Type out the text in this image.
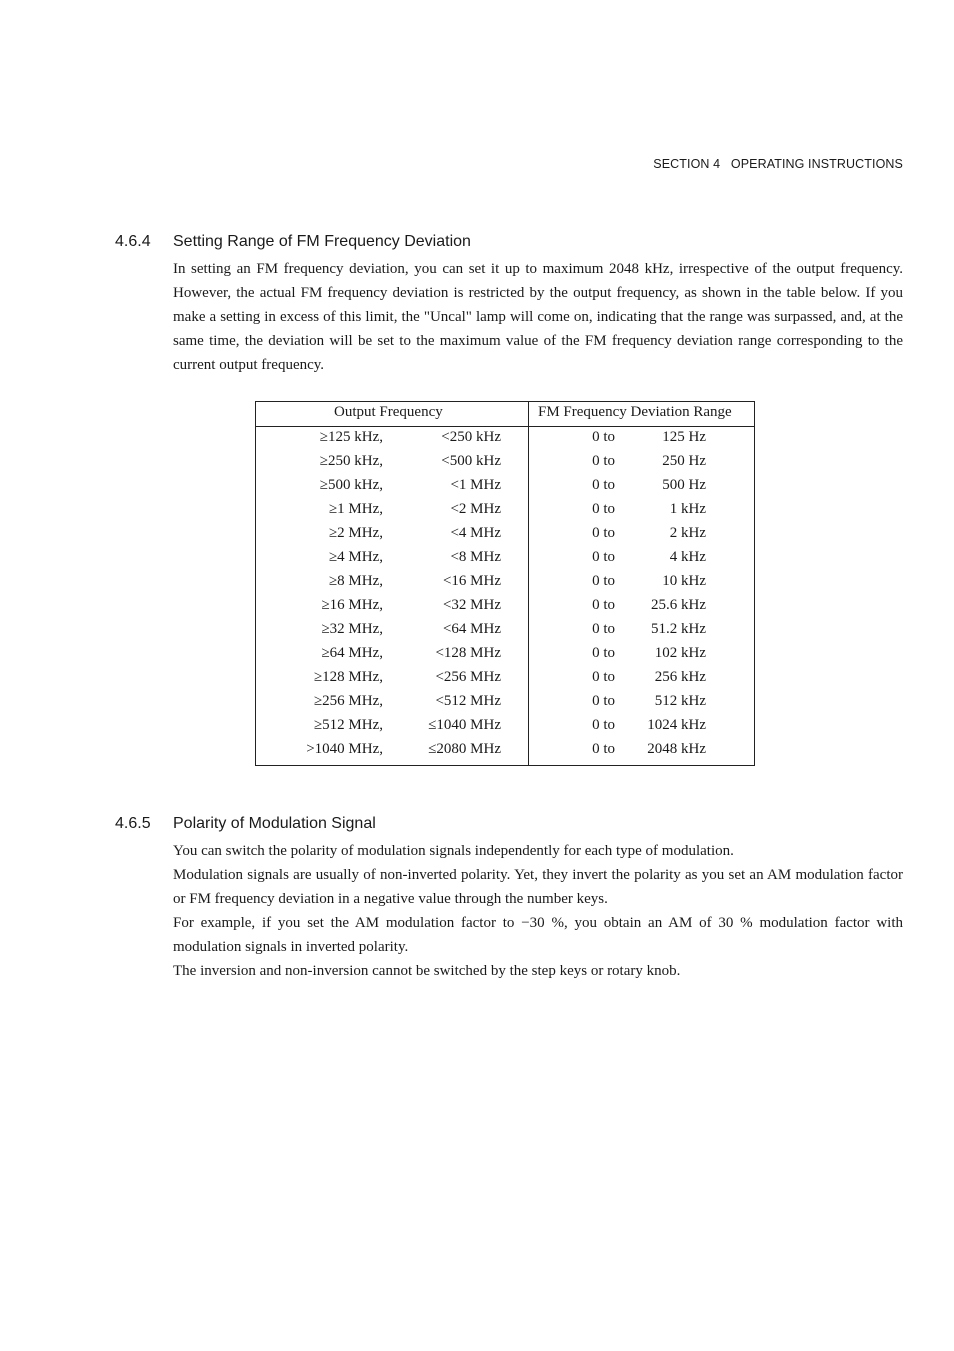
SECTION 4   OPERATING INSTRUCTIONS
4.6.4 Setting Range of FM Frequency Deviation

In setting an FM frequency deviation, you can set it up to maximum 2048 kHz, irrespective of the output frequency. However, the actual FM frequency deviation is restricted by the output frequency, as shown in the table below. If you make a setting in excess of this limit, the "Uncal" lamp will come on, indicating that the range was surpassed, and, at the same time, the deviation will be set to the maximum value of the FM frequency deviation range corresponding to the current output frequency.

Output Frequency	FM Frequency Deviation Range
≥125 kHz,	<250 kHz	0 to	125 Hz
≥250 kHz,	<500 kHz	0 to	250 Hz
≥500 kHz,	<1 MHz	0 to	500 Hz
≥1 MHz,	<2 MHz	0 to	1 kHz
≥2 MHz,	<4 MHz	0 to	2 kHz
≥4 MHz,	<8 MHz	0 to	4 kHz
≥8 MHz,	<16 MHz	0 to	10 kHz
≥16 MHz,	<32 MHz	0 to 25.6 kHz
≥32 MHz,	<64 MHz	0 to 51.2 kHz
≥64 MHz,	<128 MHz	0 to	102 kHz
≥128 MHz,	<256 MHz	0 to	256 kHz
≥256 MHz,	<512 MHz	0 to	512 kHz
≥512 MHz,	≤1040 MHz	0 to 1024 kHz
>1040 MHz,	≤2080 MHz	0 to 2048 kHz
4.6.5 Polarity of Modulation Signal

You can switch the polarity of modulation signals independently for each type of modulation.

Modulation signals are usually of non-inverted polarity. Yet, they invert the polarity as you set an AM modulation factor or FM frequency deviation in a negative value through the number keys.

For example, if you set the AM modulation factor to −30 %, you obtain an AM of 30 % modulation factor with modulation signals in inverted polarity.

The inversion and non-inversion cannot be switched by the step keys or rotary knob.
